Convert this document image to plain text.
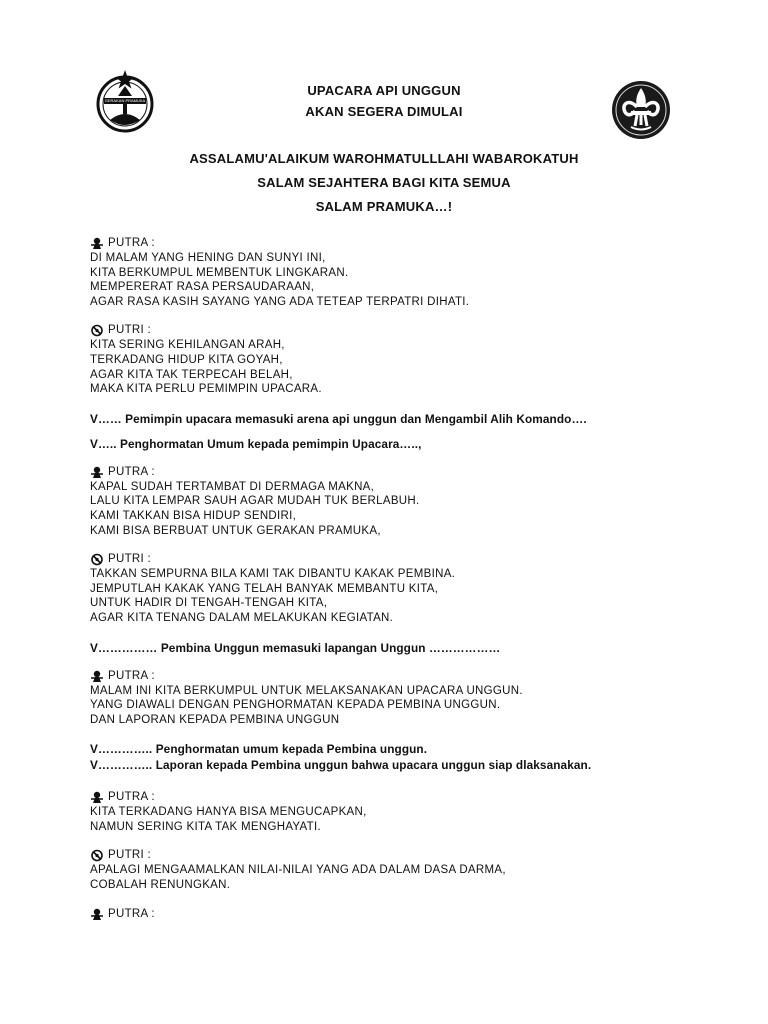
GERAKAN PRAMUKA
UPACARA API UNGGUN
AKAN SEGERA DIMULAI
ASSALAMU'ALAIKUM WAROHMATULLLAHI WABAROKATUH
SALAM SEJAHTERA BAGI KITA SEMUA
SALAM PRAMUKA…!
PUTRA :
DI MALAM YANG HENING DAN SUNYI INI,
KITA BERKUMPUL MEMBENTUK LINGKARAN.
MEMPERERAT RASA PERSAUDARAAN,
AGAR RASA KASIH SAYANG YANG ADA TETEAP TERPATRI DIHATI.
PUTRI :
KITA SERING KEHILANGAN ARAH,
TERKADANG HIDUP KITA GOYAH,
AGAR KITA TAK TERPECAH BELAH,
MAKA KITA PERLU PEMIMPIN UPACARA.
V…… Pemimpin upacara memasuki arena api unggun dan Mengambil Alih Komando….
V….. Penghormatan Umum kepada pemimpin Upacara…..,
PUTRA :
KAPAL SUDAH TERTAMBAT DI DERMAGA MAKNA,
LALU KITA LEMPAR SAUH AGAR MUDAH TUK BERLABUH.
KAMI TAKKAN BISA HIDUP SENDIRI,
KAMI BISA BERBUAT UNTUK GERAKAN PRAMUKA,
PUTRI :
TAKKAN SEMPURNA BILA KAMI TAK DIBANTU KAKAK PEMBINA.
JEMPUTLAH KAKAK YANG TELAH BANYAK MEMBANTU KITA,
UNTUK HADIR DI TENGAH-TENGAH KITA,
AGAR KITA TENANG DALAM MELAKUKAN KEGIATAN.
V…………… Pembina Unggun memasuki lapangan Unggun ………………
PUTRA :
MALAM INI KITA BERKUMPUL UNTUK MELAKSANAKAN UPACARA UNGGUN.
YANG DIAWALI DENGAN PENGHORMATAN KEPADA PEMBINA UNGGUN.
DAN LAPORAN KEPADA PEMBINA UNGGUN
V………….. Penghormatan umum kepada Pembina unggun.
V………….. Laporan kepada Pembina unggun bahwa upacara unggun siap dlaksanakan.
PUTRA :
KITA TERKADANG HANYA BISA MENGUCAPKAN,
NAMUN SERING KITA TAK MENGHAYATI.
PUTRI :
APALAGI MENGAAMALKAN NILAI-NILAI YANG ADA DALAM DASA DARMA,
COBALAH RENUNGKAN.
PUTRA :
